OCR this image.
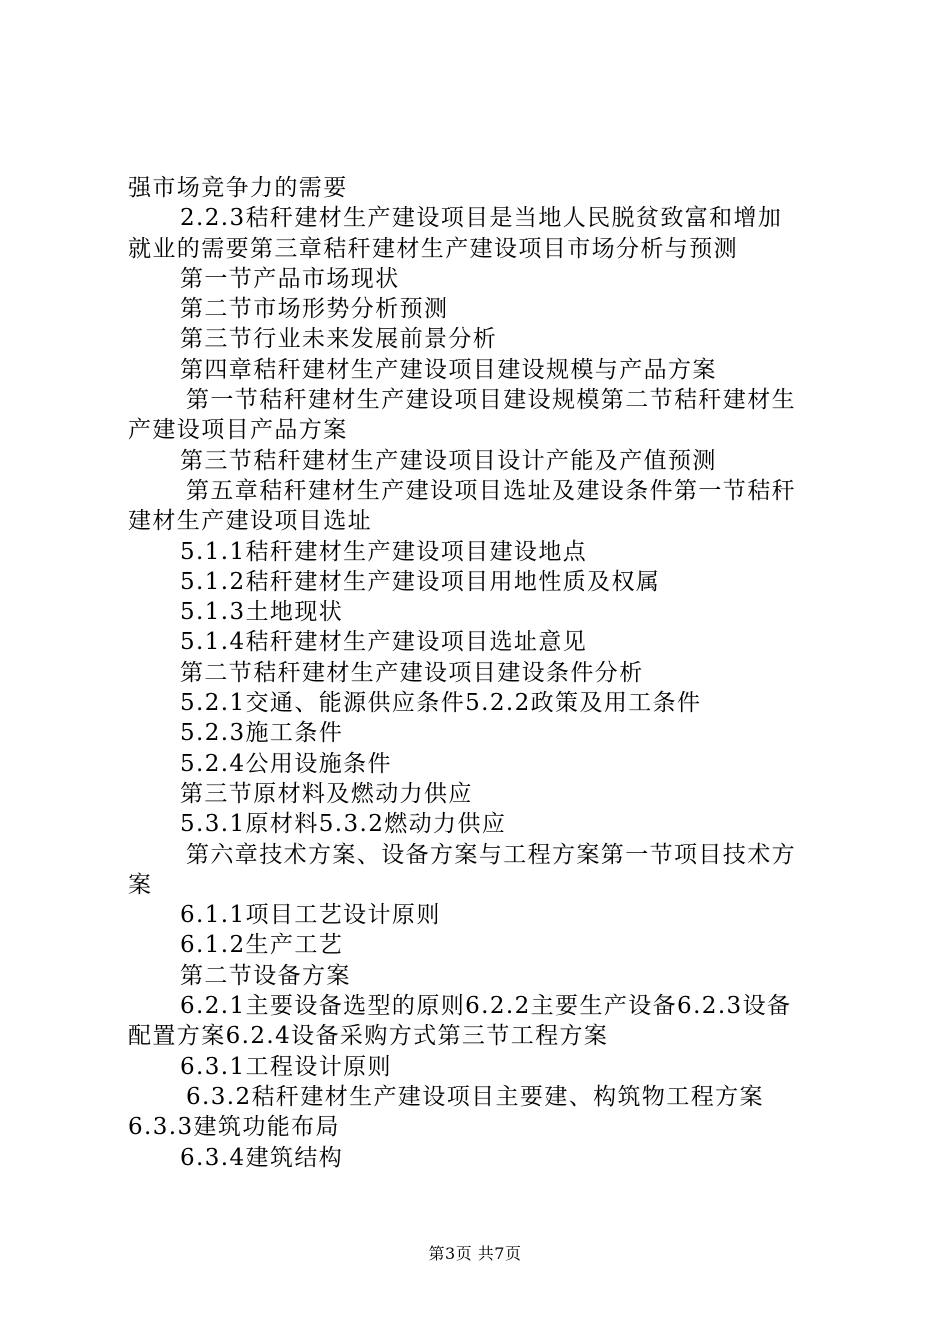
强市场竞争力的需要
2.2.3秸秆建材生产建设项目是当地人民脱贫致富和增加
就业的需要第三章秸秆建材生产建设项目市场分析与预测
第一节产品市场现状
第二节市场形势分析预测
第三节行业未来发展前景分析
第四章秸秆建材生产建设项目建设规模与产品方案
第一节秸秆建材生产建设项目建设规模第二节秸秆建材生
产建设项目产品方案
第三节秸秆建材生产建设项目设计产能及产值预测
第五章秸秆建材生产建设项目选址及建设条件第一节秸秆
建材生产建设项目选址
5.1.1秸秆建材生产建设项目建设地点
5.1.2秸秆建材生产建设项目用地性质及权属
5.1.3土地现状
5.1.4秸秆建材生产建设项目选址意见
第二节秸秆建材生产建设项目建设条件分析
5.2.1交通、能源供应条件5.2.2政策及用工条件
5.2.3施工条件
5.2.4公用设施条件
第三节原材料及燃动力供应
5.3.1原材料5.3.2燃动力供应
第六章技术方案、设备方案与工程方案第一节项目技术方
案
6.1.1项目工艺设计原则
6.1.2生产工艺
第二节设备方案
6.2.1主要设备选型的原则6.2.2主要生产设备6.2.3设备
配置方案6.2.4设备采购方式第三节工程方案
6.3.1工程设计原则
6.3.2秸秆建材生产建设项目主要建、构筑物工程方案
6.3.3建筑功能布局
6.3.4建筑结构
第3页 共7页
